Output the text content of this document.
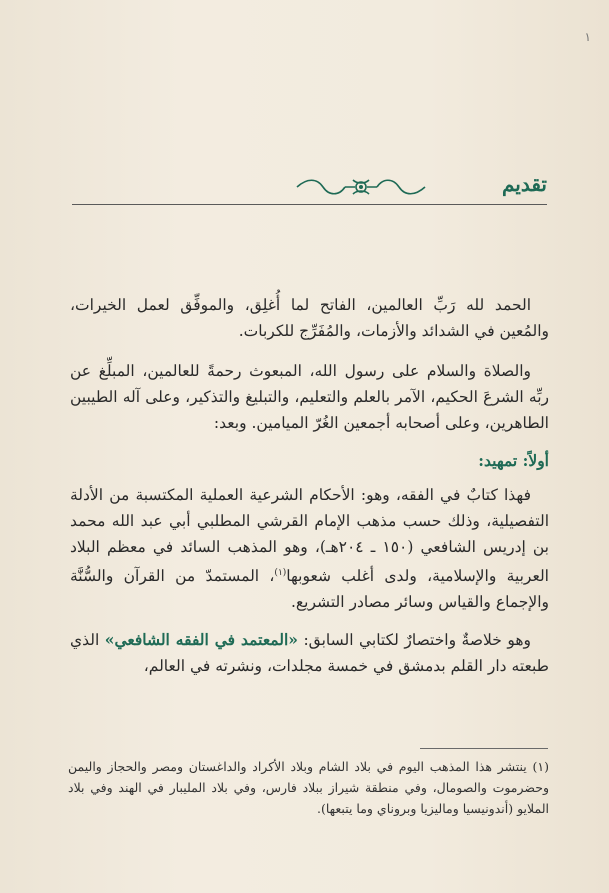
١
تقديم

الحمد لله رَبِّ العالمين، الفاتح لما أُغلِق، والموفِّق لعمل الخيرات، والمُعين في الشدائد والأزمات، والمُفَرِّج للكربات.

والصلاة والسلام على رسول الله، المبعوث رحمةً للعالمين، المبلِّغ عن ربِّه الشرعَ الحكيم، الآمر بالعلم والتعليم، والتبليغ والتذكير، وعلى آله الطيبين الطاهرين، وعلى أصحابه أجمعين الغُرّ الميامين. وبعد:

أولاً: تمهيد:

فهذا كتابٌ في الفقه، وهو: الأحكام الشرعية العملية المكتسبة من الأدلة التفصيلية، وذلك حسب مذهب الإمام القرشي المطلبي أبي عبد الله محمد بن إدريس الشافعي (١٥٠ ـ ٢٠٤هـ)، وهو المذهب السائد في معظم البلاد العربية والإسلامية، ولدى أغلب شعوبها$^{(١)}$، المستمدّ من القرآن والسُّنَّة والإجماع والقياس وسائر مصادر التشريع.

وهو خلاصةٌ واختصارٌ لكتابي السابق: «المعتمد في الفقه الشافعي» الذي طبعته دار القلم بدمشق في خمسة مجلدات، ونشرته في العالم،

(١) ينتشر هذا المذهب اليوم في بلاد الشام وبلاد الأكراد والداغستان ومصر والحجاز واليمن وحضرموت والصومال، وفي منطقة شيراز ببلاد فارس، وفي بلاد المليبار في الهند وفي بلاد الملايو (أندونيسيا وماليزيا وبروناي وما يتبعها).
